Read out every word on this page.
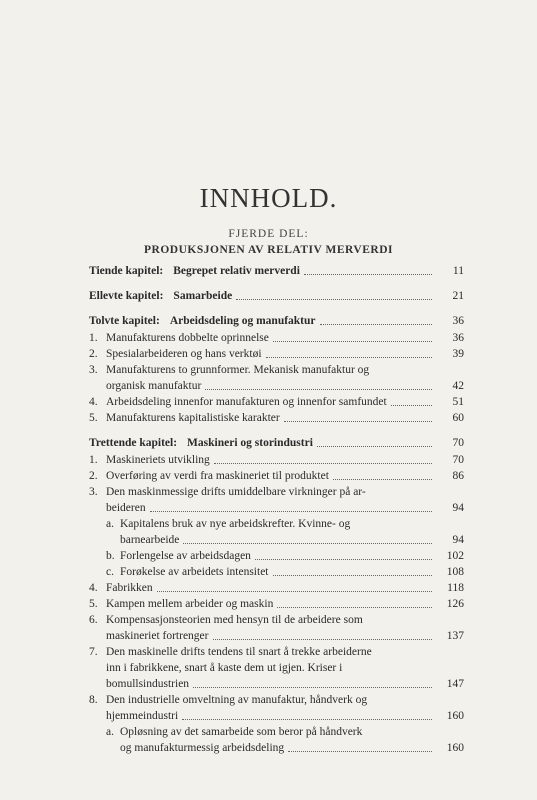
INNHOLD.
FJERDE DEL:
PRODUKSJONEN AV RELATIV MERVERDI
Tiende kapitel: Begrepet relativ merverdi	11
Ellevte kapitel: Samarbeide	21
Tolvte kapitel: Arbeidsdeling og manufaktur	36
1. Manufakturens dobbelte oprinnelse	36
2. Spesialarbeideren og hans verktøi	39
3. Manufakturens to grunnformer. Mekanisk manufaktur og
organisk manufaktur	42
4. Arbeidsdeling innenfor manufakturen og innenfor samfundet	51
5. Manufakturens kapitalistiske karakter	60
Trettende kapitel: Maskineri og storindustri	70
1. Maskineriets utvikling	70
2. Overføring av verdi fra maskineriet til produktet	86
3. Den maskinmessige drifts umiddelbare virkninger på ar-
beideren	94
a. Kapitalens bruk av nye arbeidskrefter. Kvinne- og
barnearbeide	94
b. Forlengelse av arbeidsdagen	102
c. Forøkelse av arbeidets intensitet	108
4. Fabrikken	118
5. Kampen mellem arbeider og maskin	126
6. Kompensasjonsteorien med hensyn til de arbeidere som
maskineriet fortrenger	137
7. Den maskinelle drifts tendens til snart å trekke arbeiderne
inn i fabrikkene, snart å kaste dem ut igjen. Kriser i
bomullsindustrien	147
8. Den industrielle omveltning av manufaktur, håndverk og
hjemmeindustri	160
a. Opløsning av det samarbeide som beror på håndverk
og manufakturmessig arbeidsdeling	160
